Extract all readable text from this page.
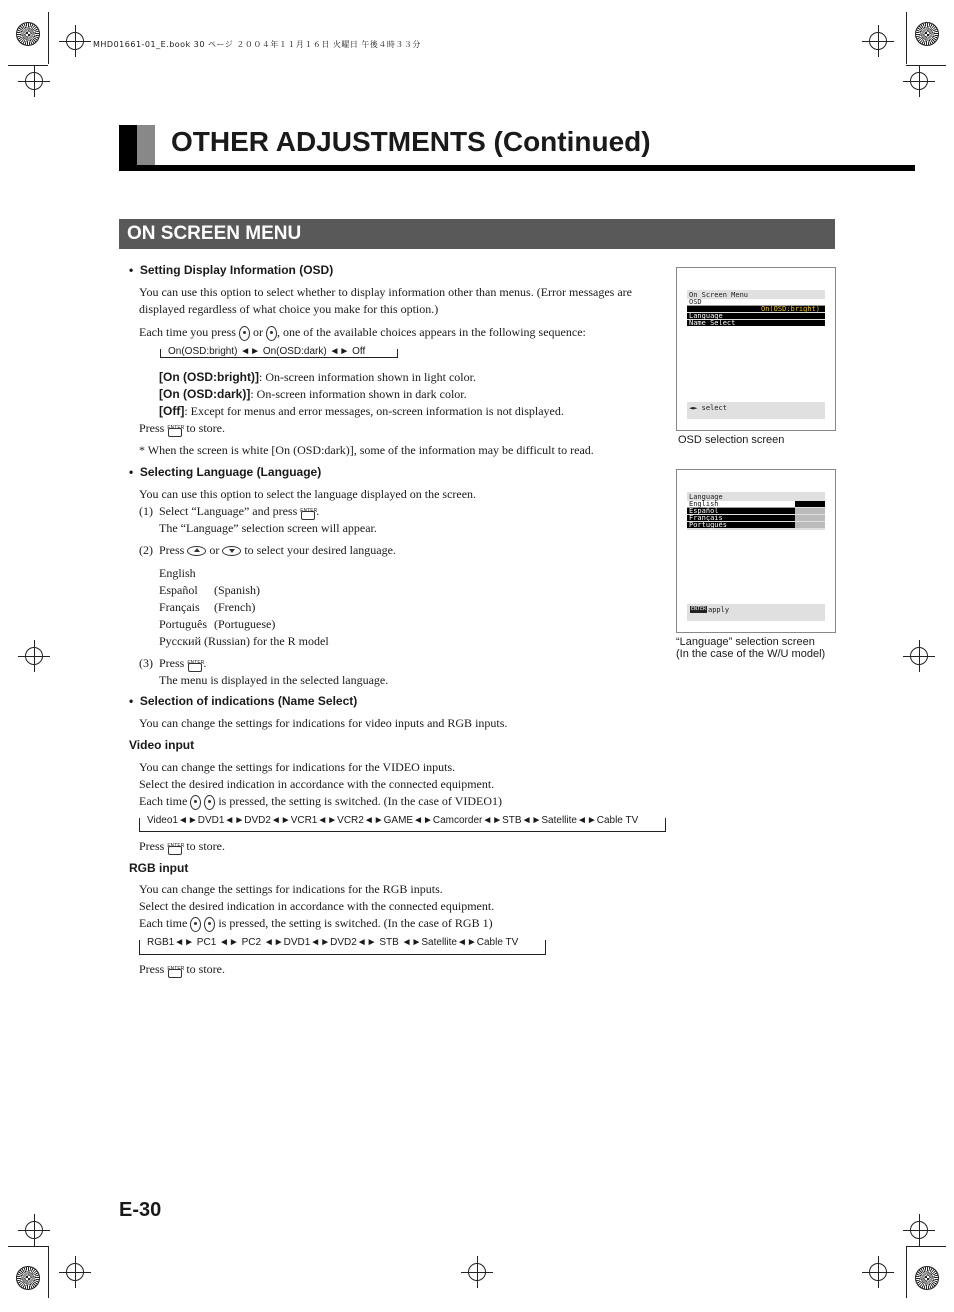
MHD01661-01_E.book 30 ページ ２００４年１１月１６日 火曜日 午後４時３３分
OTHER ADJUSTMENTS (Continued)
ON SCREEN MENU
•  Setting Display Information (OSD)
You can use this option to select whether to display information other than menus. (Error messages are
displayed regardless of what choice you make for this option.)
Each time you press or , one of the available choices appears in the following sequence:
On(OSD:bright) ◄► On(OSD:dark) ◄► Off
[On (OSD:bright)]: On-screen information shown in light color.
[On (OSD:dark)]: On-screen information shown in dark color.
[Off]: Except for menus and error messages, on-screen information is not displayed.
Press ENTER to store.
* When the screen is white [On (OSD:dark)], some of the information may be difficult to read.
•  Selecting Language (Language)
You can use this option to select the language displayed on the screen.
(1) Select “Language” and press ENTER .
The “Language” selection screen will appear.
(2) Press or to select your desired language.
English
Español (Spanish)
Français (French)
Português (Portuguese)
Русский (Russian) for the R model
(3) Press ENTER .
The menu is displayed in the selected language.
•  Selection of indications (Name Select)
You can change the settings for indications for video inputs and RGB inputs.
Video input
You can change the settings for indications for the VIDEO inputs.
Select the desired indication in accordance with the connected equipment.
Each time	is pressed, the setting is switched. (In the case of VIDEO1)
Video1◄►DVD1◄►DVD2◄►VCR1◄►VCR2◄►GAME◄►Camcorder◄►STB◄►Satellite◄►Cable TV
Press ENTER to store.
RGB input
You can change the settings for indications for the RGB inputs.
Select the desired indication in accordance with the connected equipment.
Each time	is pressed, the setting is switched. (In the case of RGB 1)
RGB1◄► PC1 ◄► PC2 ◄►DVD1◄►DVD2◄► STB ◄►Satellite◄►Cable TV
Press ENTER to store.
On Screen Menu
OSD
On(OSD:bright)
Language
Name Select
◄► select
OSD selection screen
Language
English
Español
Français
Português
ENTER apply
“Language” selection screen
(In the case of the W/U model)
E-30
